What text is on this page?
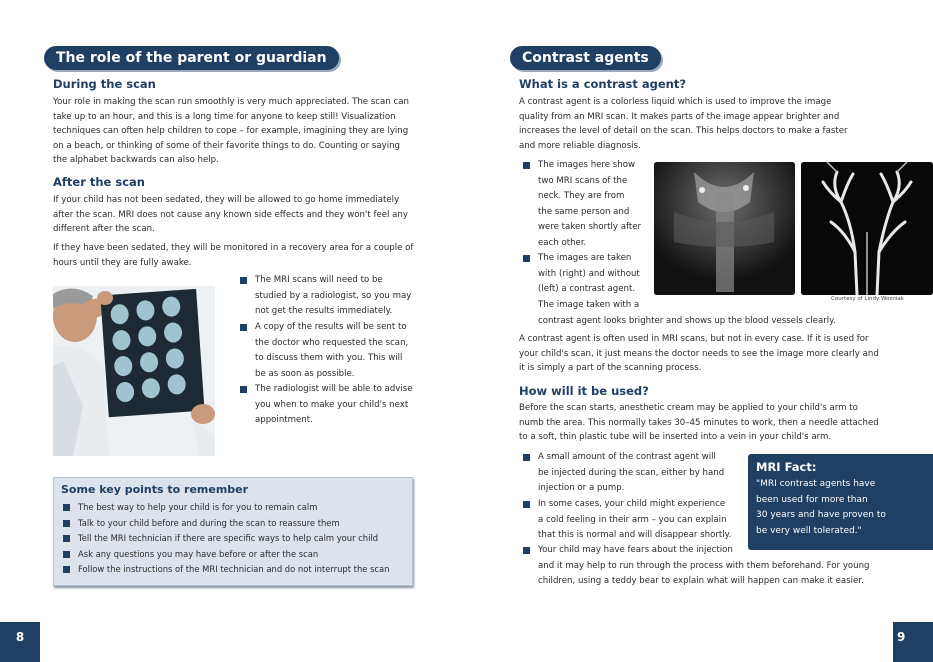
The role of the parent or guardian
During the scan
Your role in making the scan run smoothly is very much appreciated. The scan can
take up to an hour, and this is a long time for anyone to keep still! Visualization
techniques can often help children to cope – for example, imagining they are lying
on a beach, or thinking of some of their favorite things to do. Counting or saying
the alphabet backwards can also help.
After the scan
If your child has not been sedated, they will be allowed to go home immediately
after the scan. MRI does not cause any known side effects and they won't feel any
different after the scan.
If they have been sedated, they will be monitored in a recovery area for a couple of
hours until they are fully awake.
The MRI scans will need to be
studied by a radiologist, so you may
not get the results immediately.
A copy of the results will be sent to
the doctor who requested the scan,
to discuss them with you. This will
be as soon as possible.
The radiologist will be able to advise
you when to make your child's next
appointment.
Some key points to remember
The best way to help your child is for you to remain calm
Talk to your child before and during the scan to reassure them
Tell the MRI technician if there are specific ways to help calm your child
Ask any questions you may have before or after the scan
Follow the instructions of the MRI technician and do not interrupt the scan
8
Contrast agents
What is a contrast agent?
A contrast agent is a colorless liquid which is used to improve the image
quality from an MRI scan. It makes parts of the image appear brighter and
increases the level of detail on the scan. This helps doctors to make a faster
and more reliable diagnosis.
The images here show
two MRI scans of the
neck. They are from
the same person and
were taken shortly after
each other.
The images are taken
with (right) and without
(left) a contrast agent.
The image taken with a
contrast agent looks brighter and shows up the blood vessels clearly.
Courtesy of Lindy Wozniak
A contrast agent is often used in MRI scans, but not in every case. If it is used for
your child's scan, it just means the doctor needs to see the image more clearly and
it is simply a part of the scanning process.
How will it be used?
Before the scan starts, anesthetic cream may be applied to your child's arm to
numb the area. This normally takes 30–45 minutes to work, then a needle attached
to a soft, thin plastic tube will be inserted into a vein in your child's arm.
A small amount of the contrast agent will
be injected during the scan, either by hand
injection or a pump.
In some cases, your child might experience
a cold feeling in their arm – you can explain
that this is normal and will disappear shortly.
Your child may have fears about the injection
and it may help to run through the process with them beforehand. For young
children, using a teddy bear to explain what will happen can make it easier.
MRI Fact:
"MRI contrast agents have
been used for more than
30 years and have proven to
be very well tolerated."
9
